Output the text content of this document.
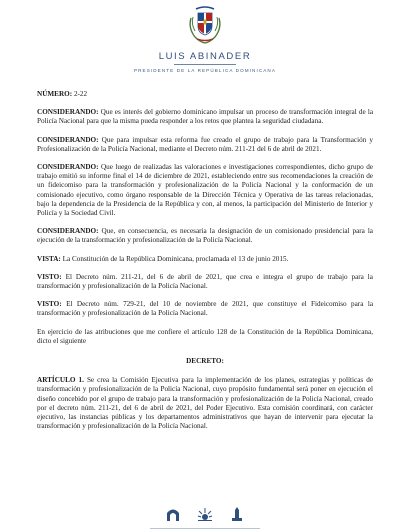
LUIS ABINADER
PRESIDENTE DE LA REPÚBLICA DOMINICANA

NÚMERO: 2-22

CONSIDERANDO: Que es interés del gobierno dominicano impulsar un proceso de transformación integral de la Policía Nacional para que la misma pueda responder a los retos que plantea la seguridad ciudadana.

CONSIDERANDO: Que para impulsar esta reforma fue creado el grupo de trabajo para la Transformación y Profesionalización de la Policía Nacional, mediante el Decreto núm. 211-21 del 6 de abril de 2021.

CONSIDERANDO: Que luego de realizadas las valoraciones e investigaciones correspondientes, dicho grupo de trabajo emitió su informe final el 14 de diciembre de 2021, estableciendo entre sus recomendaciones la creación de un fideicomiso para la transformación y profesionalización de la Policía Nacional y la conformación de un comisionado ejecutivo, como órgano responsable de la Dirección Técnica y Operativa de las tareas relacionadas, bajo la dependencia de la Presidencia de la República y con, al menos, la participación del Ministerio de Interior y Policía y la Sociedad Civil.

CONSIDERANDO: Que, en consecuencia, es necesaria la designación de un comisionado presidencial para la ejecución de la transformación y profesionalización de la Policía Nacional.

VISTA: La Constitución de la República Dominicana, proclamada el 13 de junio 2015.

VISTO: El Decreto núm. 211-21, del 6 de abril de 2021, que crea e integra el grupo de trabajo para la transformación y profesionalización de la Policía Nacional.

VISTO: El Decreto núm. 729-21, del 10 de noviembre de 2021, que constituye el Fideicomiso para la transformación y profesionalización de la Policía Nacional.

En ejercicio de las atribuciones que me confiere el artículo 128 de la Constitución de la República Dominicana, dicto el siguiente

DECRETO:

ARTÍCULO 1. Se crea la Comisión Ejecutiva para la implementación de los planes, estrategias y políticas de transformación y profesionalización de la Policía Nacional, cuyo propósito fundamental será poner en ejecución el diseño concebido por el grupo de trabajo para la transformación y profesionalización de la Policía Nacional, creado por el decreto núm. 211-21, del 6 de abril de 2021, del Poder Ejecutivo. Esta comisión coordinará, con carácter ejecutivo, las instancias públicas y los departamentos administrativos que hayan de intervenir para ejecutar la transformación y profesionalización de la Policía Nacional.
